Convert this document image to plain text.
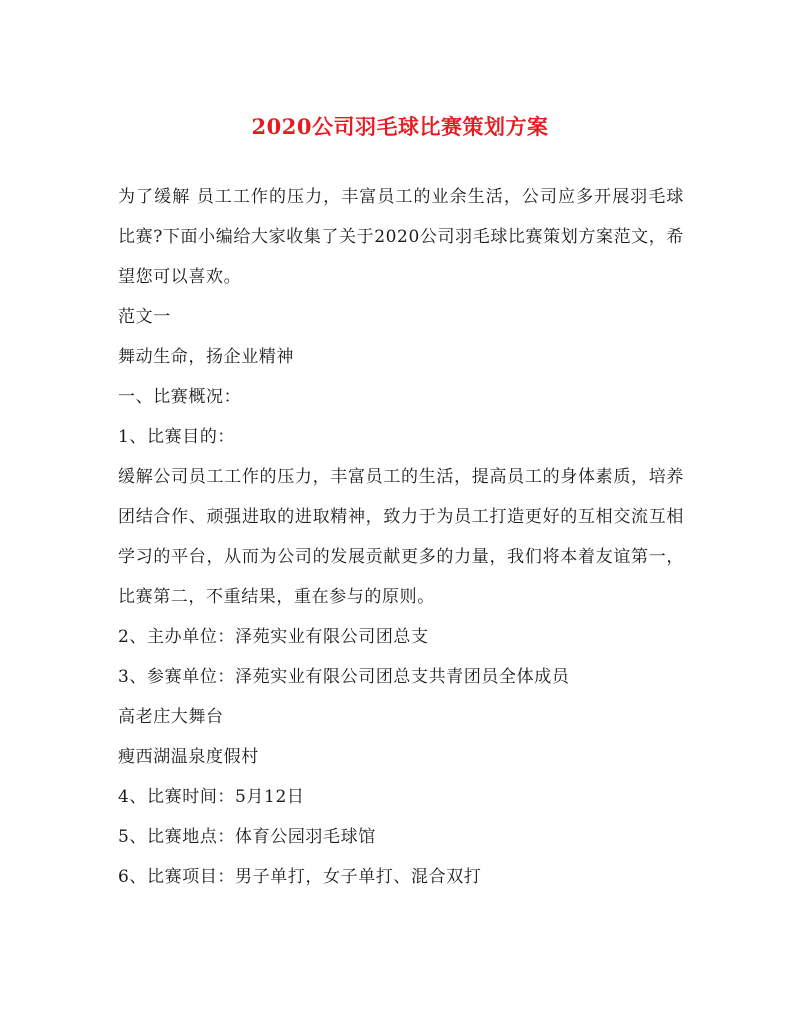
2020公司羽毛球比赛策划方案

为了缓解 员工工作的压力，丰富员工的业余生活，公司应多开展羽毛球比赛?下面小编给大家收集了关于2020公司羽毛球比赛策划方案范文，希望您可以喜欢。

范文一

舞动生命，扬企业精神

一、比赛概况：

1、比赛目的：

缓解公司员工工作的压力，丰富员工的生活，提高员工的身体素质，培养团结合作、顽强进取的进取精神，致力于为员工打造更好的互相交流互相学习的平台，从而为公司的发展贡献更多的力量，我们将本着友谊第一，比赛第二，不重结果，重在参与的原则。

2、主办单位：泽苑实业有限公司团总支

3、参赛单位：泽苑实业有限公司团总支共青团员全体成员

高老庄大舞台

瘦西湖温泉度假村

4、比赛时间：5月12日

5、比赛地点：体育公园羽毛球馆

6、比赛项目：男子单打，女子单打、混合双打
